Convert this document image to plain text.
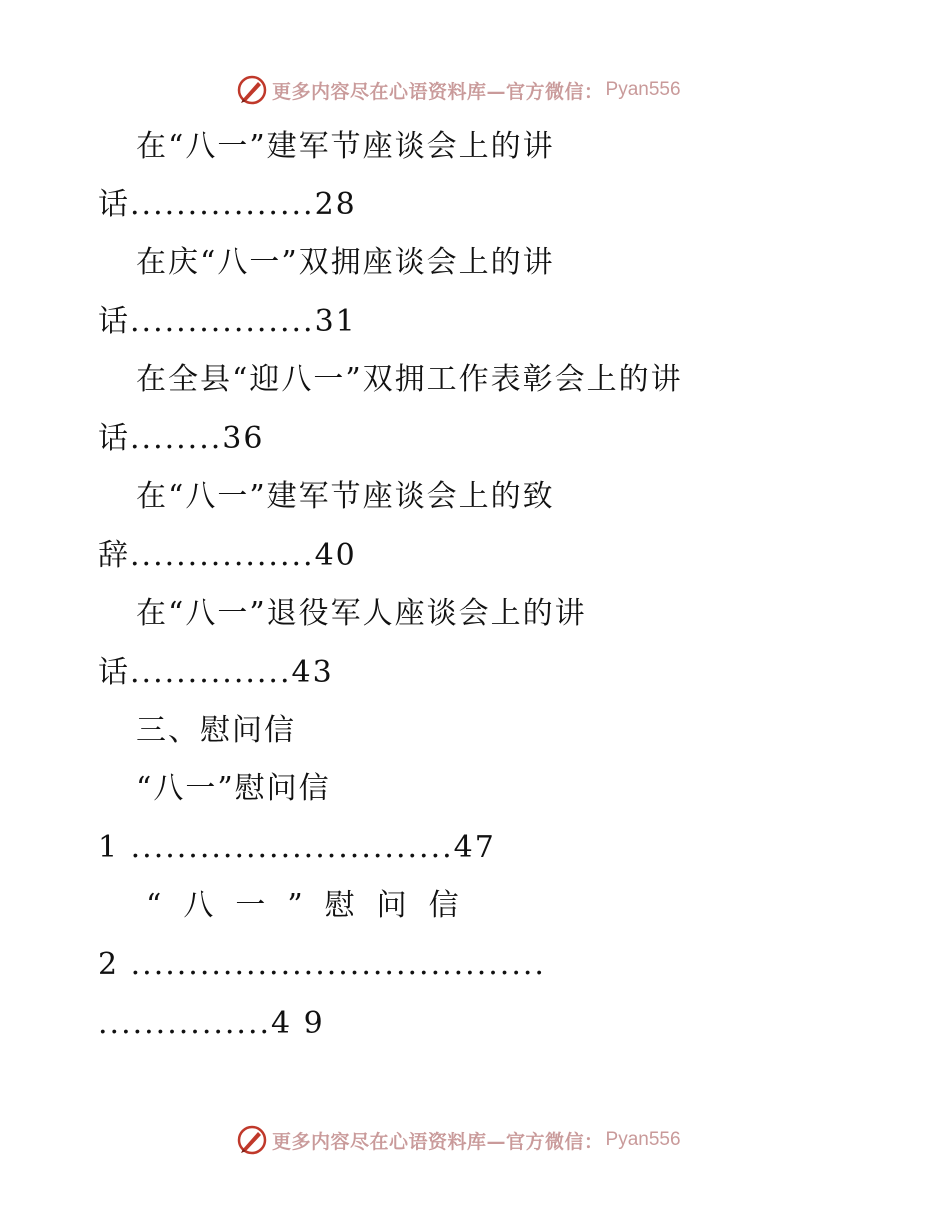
更多内容尽在心语资料库—官方微信： Pyan556
在“八一”建军节座谈会上的讲
话................28
在庆“八一”双拥座谈会上的讲
话................31
在全县“迎八一”双拥工作表彰会上的讲
话........36
在“八一”建军节座谈会上的致
辞................40
在“八一”退役军人座谈会上的讲
话..............43
三、慰问信
“八一”慰问信
1 ............................47
“八一”慰问信
2 ....................................
...............4 9
更多内容尽在心语资料库—官方微信： Pyan556
